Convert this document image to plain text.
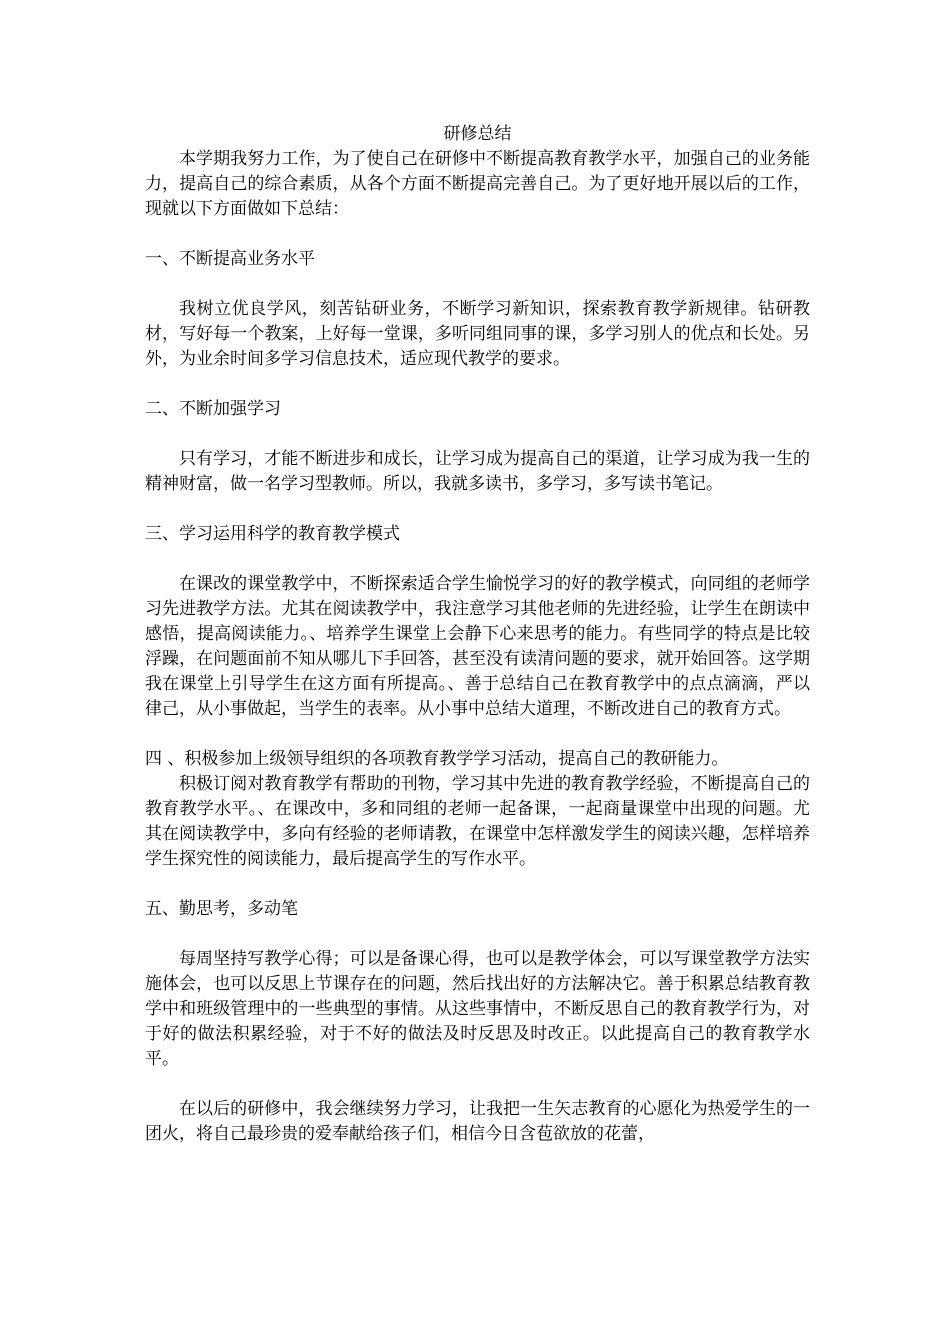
研修总结

本学期我努力工作，为了使自己在研修中不断提高教育教学水平，加强自己的业务能力，提高自己的综合素质，从各个方面不断提高完善自己。为了更好地开展以后的工作，现就以下方面做如下总结：

一、不断提高业务水平

我树立优良学风，刻苦钻研业务，不断学习新知识，探索教育教学新规律。钻研教材，写好每一个教案，上好每一堂课，多听同组同事的课，多学习别人的优点和长处。另外，为业余时间多学习信息技术，适应现代教学的要求。

二、不断加强学习

只有学习，才能不断进步和成长，让学习成为提高自己的渠道，让学习成为我一生的精神财富，做一名学习型教师。所以，我就多读书，多学习，多写读书笔记。

三、学习运用科学的教育教学模式

在课改的课堂教学中，不断探索适合学生愉悦学习的好的教学模式，向同组的老师学习先进教学方法。尤其在阅读教学中，我注意学习其他老师的先进经验，让学生在朗读中感悟，提高阅读能力。、培养学生课堂上会静下心来思考的能力。有些同学的特点是比较浮躁，在问题面前不知从哪儿下手回答，甚至没有读清问题的要求，就开始回答。这学期我在课堂上引导学生在这方面有所提高。、善于总结自己在教育教学中的点点滴滴，严以律己，从小事做起，当学生的表率。从小事中总结大道理，不断改进自己的教育方式。

四 、积极参加上级领导组织的各项教育教学学习活动，提高自己的教研能力。

积极订阅对教育教学有帮助的刊物，学习其中先进的教育教学经验，不断提高自己的教育教学水平。、在课改中，多和同组的老师一起备课，一起商量课堂中出现的问题。尤其在阅读教学中，多向有经验的老师请教，在课堂中怎样激发学生的阅读兴趣，怎样培养学生探究性的阅读能力，最后提高学生的写作水平。

五、勤思考，多动笔

每周坚持写教学心得；可以是备课心得，也可以是教学体会，可以写课堂教学方法实施体会，也可以反思上节课存在的问题，然后找出好的方法解决它。善于积累总结教育教学中和班级管理中的一些典型的事情。从这些事情中，不断反思自己的教育教学行为，对于好的做法积累经验，对于不好的做法及时反思及时改正。以此提高自己的教育教学水平。

在以后的研修中，我会继续努力学习，让我把一生矢志教育的心愿化为热爱学生的一团火，将自己最珍贵的爱奉献给孩子们，相信今日含苞欲放的花蕾，
